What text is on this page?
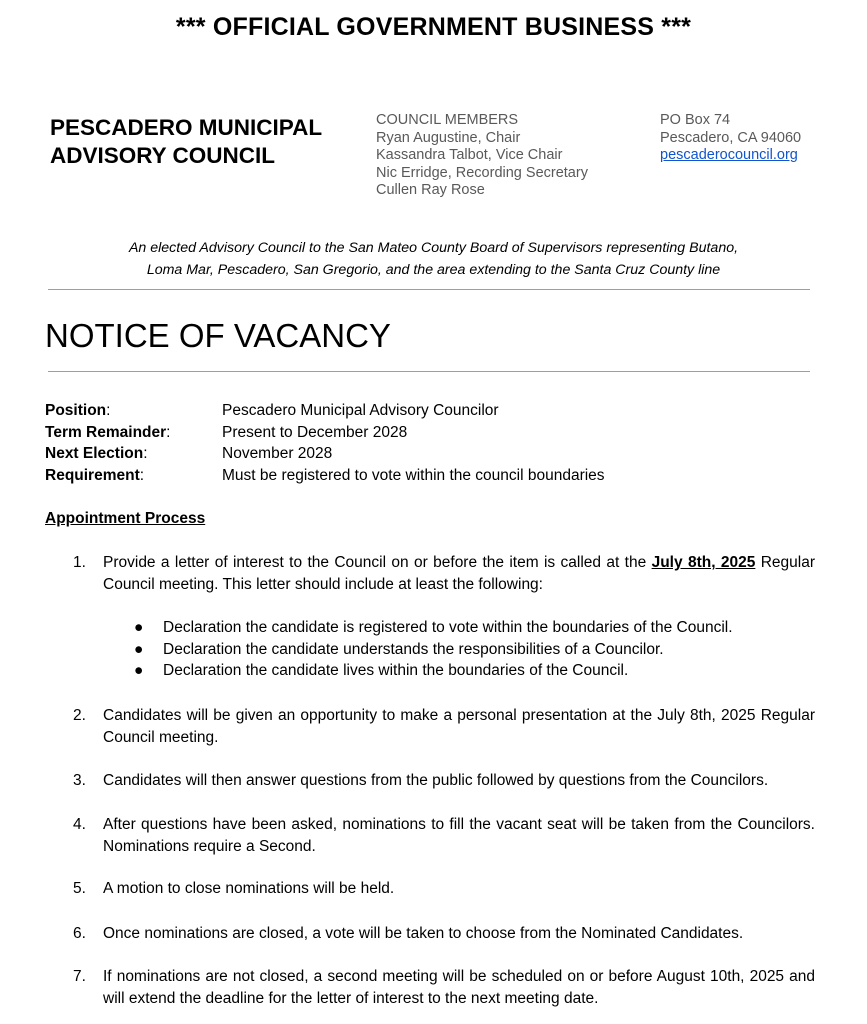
*** OFFICIAL GOVERNMENT BUSINESS ***
PESCADERO MUNICIPAL
ADVISORY COUNCIL
COUNCIL MEMBERS
Ryan Augustine, Chair
Kassandra Talbot, Vice Chair
Nic Erridge, Recording Secretary
Cullen Ray Rose
PO Box 74
Pescadero, CA 94060
pescaderocouncil.org
An elected Advisory Council to the San Mateo County Board of Supervisors representing Butano,
Loma Mar, Pescadero, San Gregorio, and the area extending to the Santa Cruz County line
NOTICE OF VACANCY
Position:	Pescadero Municipal Advisory Councilor
Term Remainder:	Present to December 2028
Next Election:	November 2028
Requirement:	Must be registered to vote within the council boundaries
Appointment Process
1.	Provide a letter of interest to the Council on or before the item is called at the July 8th, 2025 Regular Council meeting. This letter should include at least the following:
● Declaration the candidate is registered to vote within the boundaries of the Council.
● Declaration the candidate understands the responsibilities of a Councilor.
● Declaration the candidate lives within the boundaries of the Council.
2.	Candidates will be given an opportunity to make a personal presentation at the July 8th, 2025 Regular Council meeting.
3.	Candidates will then answer questions from the public followed by questions from the Councilors.
4.	After questions have been asked, nominations to fill the vacant seat will be taken from the Councilors. Nominations require a Second.
5.	A motion to close nominations will be held.
6.	Once nominations are closed, a vote will be taken to choose from the Nominated Candidates.
7.	If nominations are not closed, a second meeting will be scheduled on or before August 10th, 2025 and will extend the deadline for the letter of interest to the next meeting date.
